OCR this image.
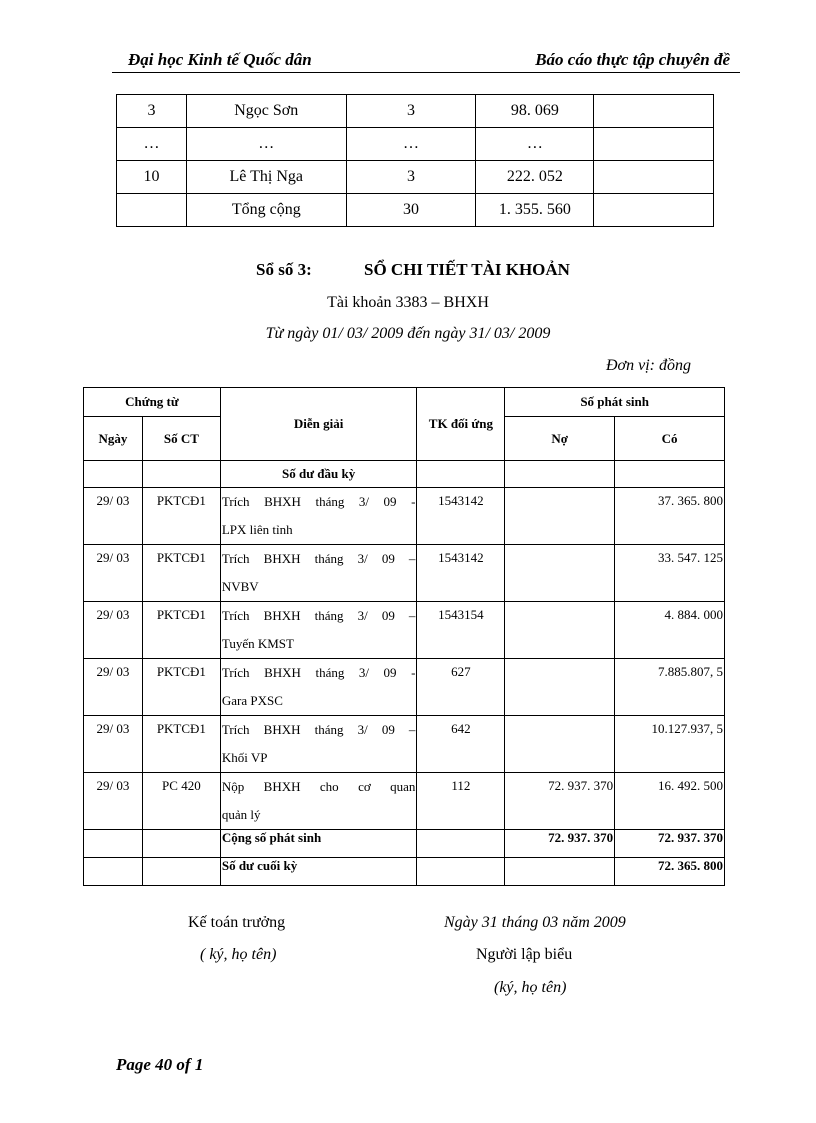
Đại học Kinh tế Quốc dân	Báo cáo thực tập chuyên đề
3	Ngọc Sơn	3	98. 069	
…	…	…	…	
10	Lê Thị Nga	3	222. 052	
	Tổng cộng	30	1. 355. 560	
Sổ số 3:	SỔ CHI TIẾT TÀI KHOẢN
Tài khoản 3383 – BHXH
Từ ngày 01/ 03/ 2009 đến ngày 31/ 03/ 2009
Đơn vị: đồng
Chứng từ		Diễn giải	TK đối ứng	Số phát sinh	
Ngày	Số CT			Nợ	Có
		Số dư đầu kỳ			
29/ 03	PKTCĐ1	Trích BHXH tháng 3/ 09 -
LPX liên tỉnh	1543142		37. 365. 800
29/ 03	PKTCĐ1	Trích BHXH tháng 3/ 09 –
NVBV	1543142		33. 547. 125
29/ 03	PKTCĐ1	Trích BHXH tháng 3/ 09 –
Tuyến KMST	1543154		4. 884. 000
29/ 03	PKTCĐ1	Trích BHXH tháng 3/ 09 -
Gara PXSC	627		7.885.807, 5
29/ 03	PKTCĐ1	Trích BHXH tháng 3/ 09 –
Khối VP	642		10.127.937, 5
29/ 03	PC 420	Nộp BHXH cho cơ quan
quản lý	112	72. 937. 370	16. 492. 500
		Cộng số phát sinh		72. 937. 370	72. 937. 370
		Số dư cuối kỳ			72. 365. 800
Kế toán trưởng
( ký, họ tên)
Ngày 31 tháng 03 năm 2009
Người lập biểu
(ký, họ tên)
Page 40 of 1
